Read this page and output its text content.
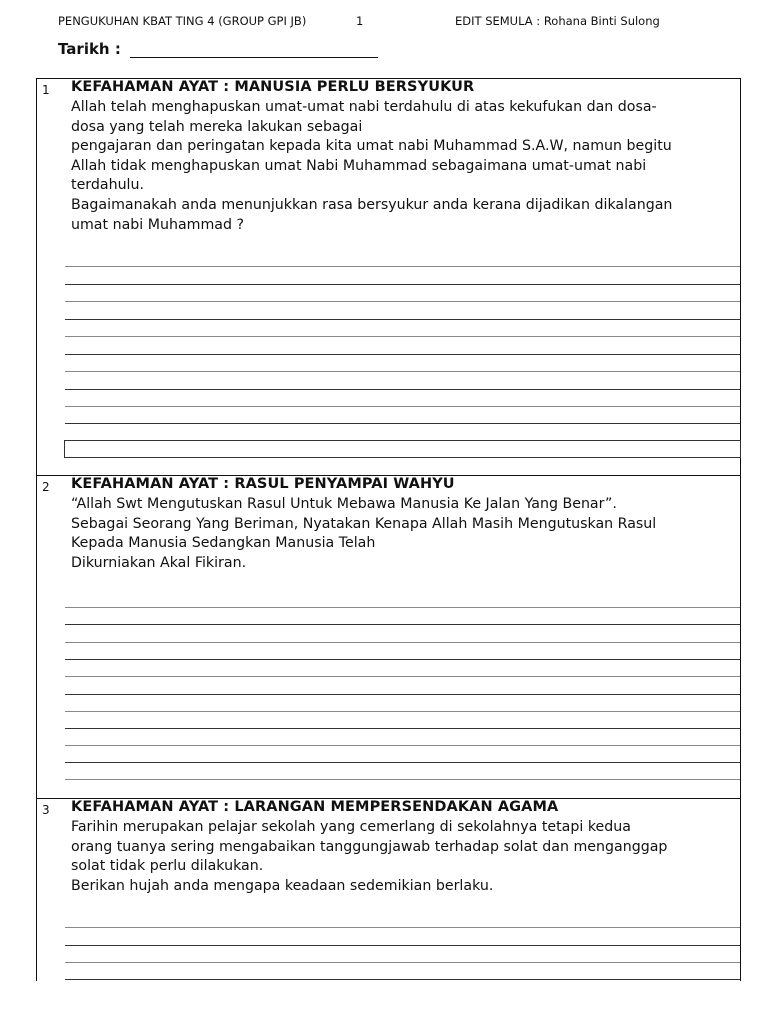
PENGUKUHAN KBAT TING 4 (GROUP GPI JB)	1	EDIT SEMULA : Rohana Binti Sulong
Tarikh :
1 KEFAHAMAN AYAT : MANUSIA PERLU BERSYUKUR

Allah telah menghapuskan umat-umat nabi terdahulu di atas kekufukan dan dosa-

dosa yang telah mereka lakukan sebagai

pengajaran dan peringatan kepada kita umat nabi Muhammad S.A.W, namun begitu

Allah tidak menghapuskan umat Nabi Muhammad sebagaimana umat-umat nabi

terdahulu.

Bagaimanakah anda menunjukkan rasa bersyukur anda kerana dijadikan dikalangan

umat nabi Muhammad ?

2 KEFAHAMAN AYAT : RASUL PENYAMPAI WAHYU

“Allah Swt Mengutuskan Rasul Untuk Mebawa Manusia Ke Jalan Yang Benar”.

Sebagai Seorang Yang Beriman, Nyatakan Kenapa Allah Masih Mengutuskan Rasul

Kepada Manusia Sedangkan Manusia Telah

Dikurniakan Akal Fikiran.

3 KEFAHAMAN AYAT : LARANGAN MEMPERSENDAKAN AGAMA

Farihin merupakan pelajar sekolah yang cemerlang di sekolahnya tetapi kedua

orang tuanya sering mengabaikan tanggungjawab terhadap solat dan menganggap

solat tidak perlu dilakukan.

Berikan hujah anda mengapa keadaan sedemikian berlaku.
